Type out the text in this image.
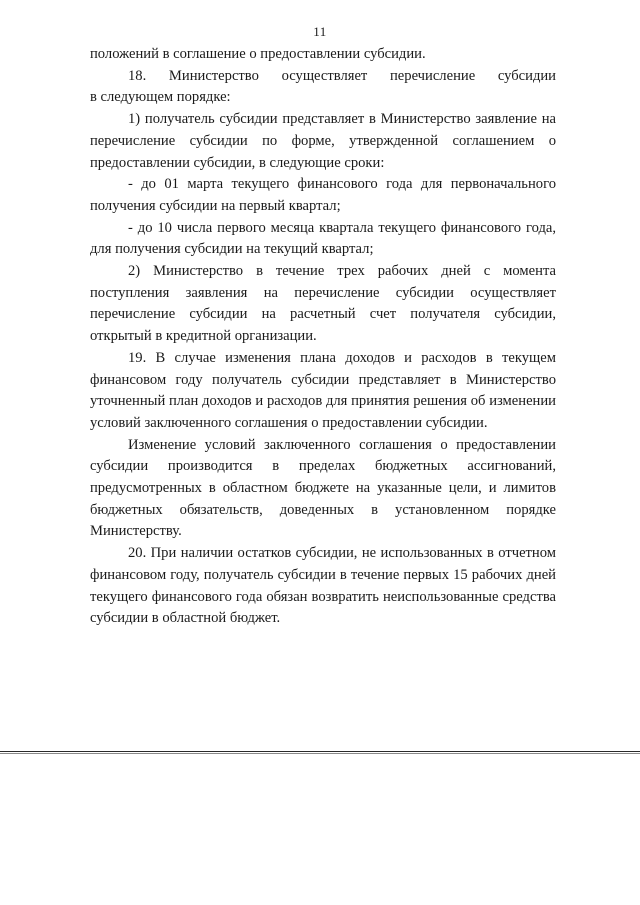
11

положений в соглашение о предоставлении субсидии.

18. Министерство осуществляет перечисление субсидии

в следующем порядке:

1) получатель субсидии представляет в Министерство заявление на перечисление субсидии по форме, утвержденной соглашением о предоставлении субсидии, в следующие сроки:

- до 01 марта текущего финансового года для первоначального получения субсидии на первый квартал;

- до 10 числа первого месяца квартала текущего финансового года, для получения субсидии на текущий квартал;

2) Министерство в течение трех рабочих дней с момента поступления заявления на перечисление субсидии осуществляет перечисление субсидии на расчетный счет получателя субсидии, открытый в кредитной организации.

19. В случае изменения плана доходов и расходов в текущем финансовом году получатель субсидии представляет в Министерство уточненный план доходов и расходов для принятия решения об изменении условий заключенного соглашения о предоставлении субсидии.

Изменение условий заключенного соглашения о предоставлении субсидии производится в пределах бюджетных ассигнований, предусмотренных в областном бюджете на указанные цели, и лимитов бюджетных обязательств, доведенных в установленном порядке Министерству.

20. При наличии остатков субсидии, не использованных в отчетном финансовом году, получатель субсидии в течение первых 15 рабочих дней текущего финансового года обязан возвратить неиспользованные средства субсидии в областной бюджет.
